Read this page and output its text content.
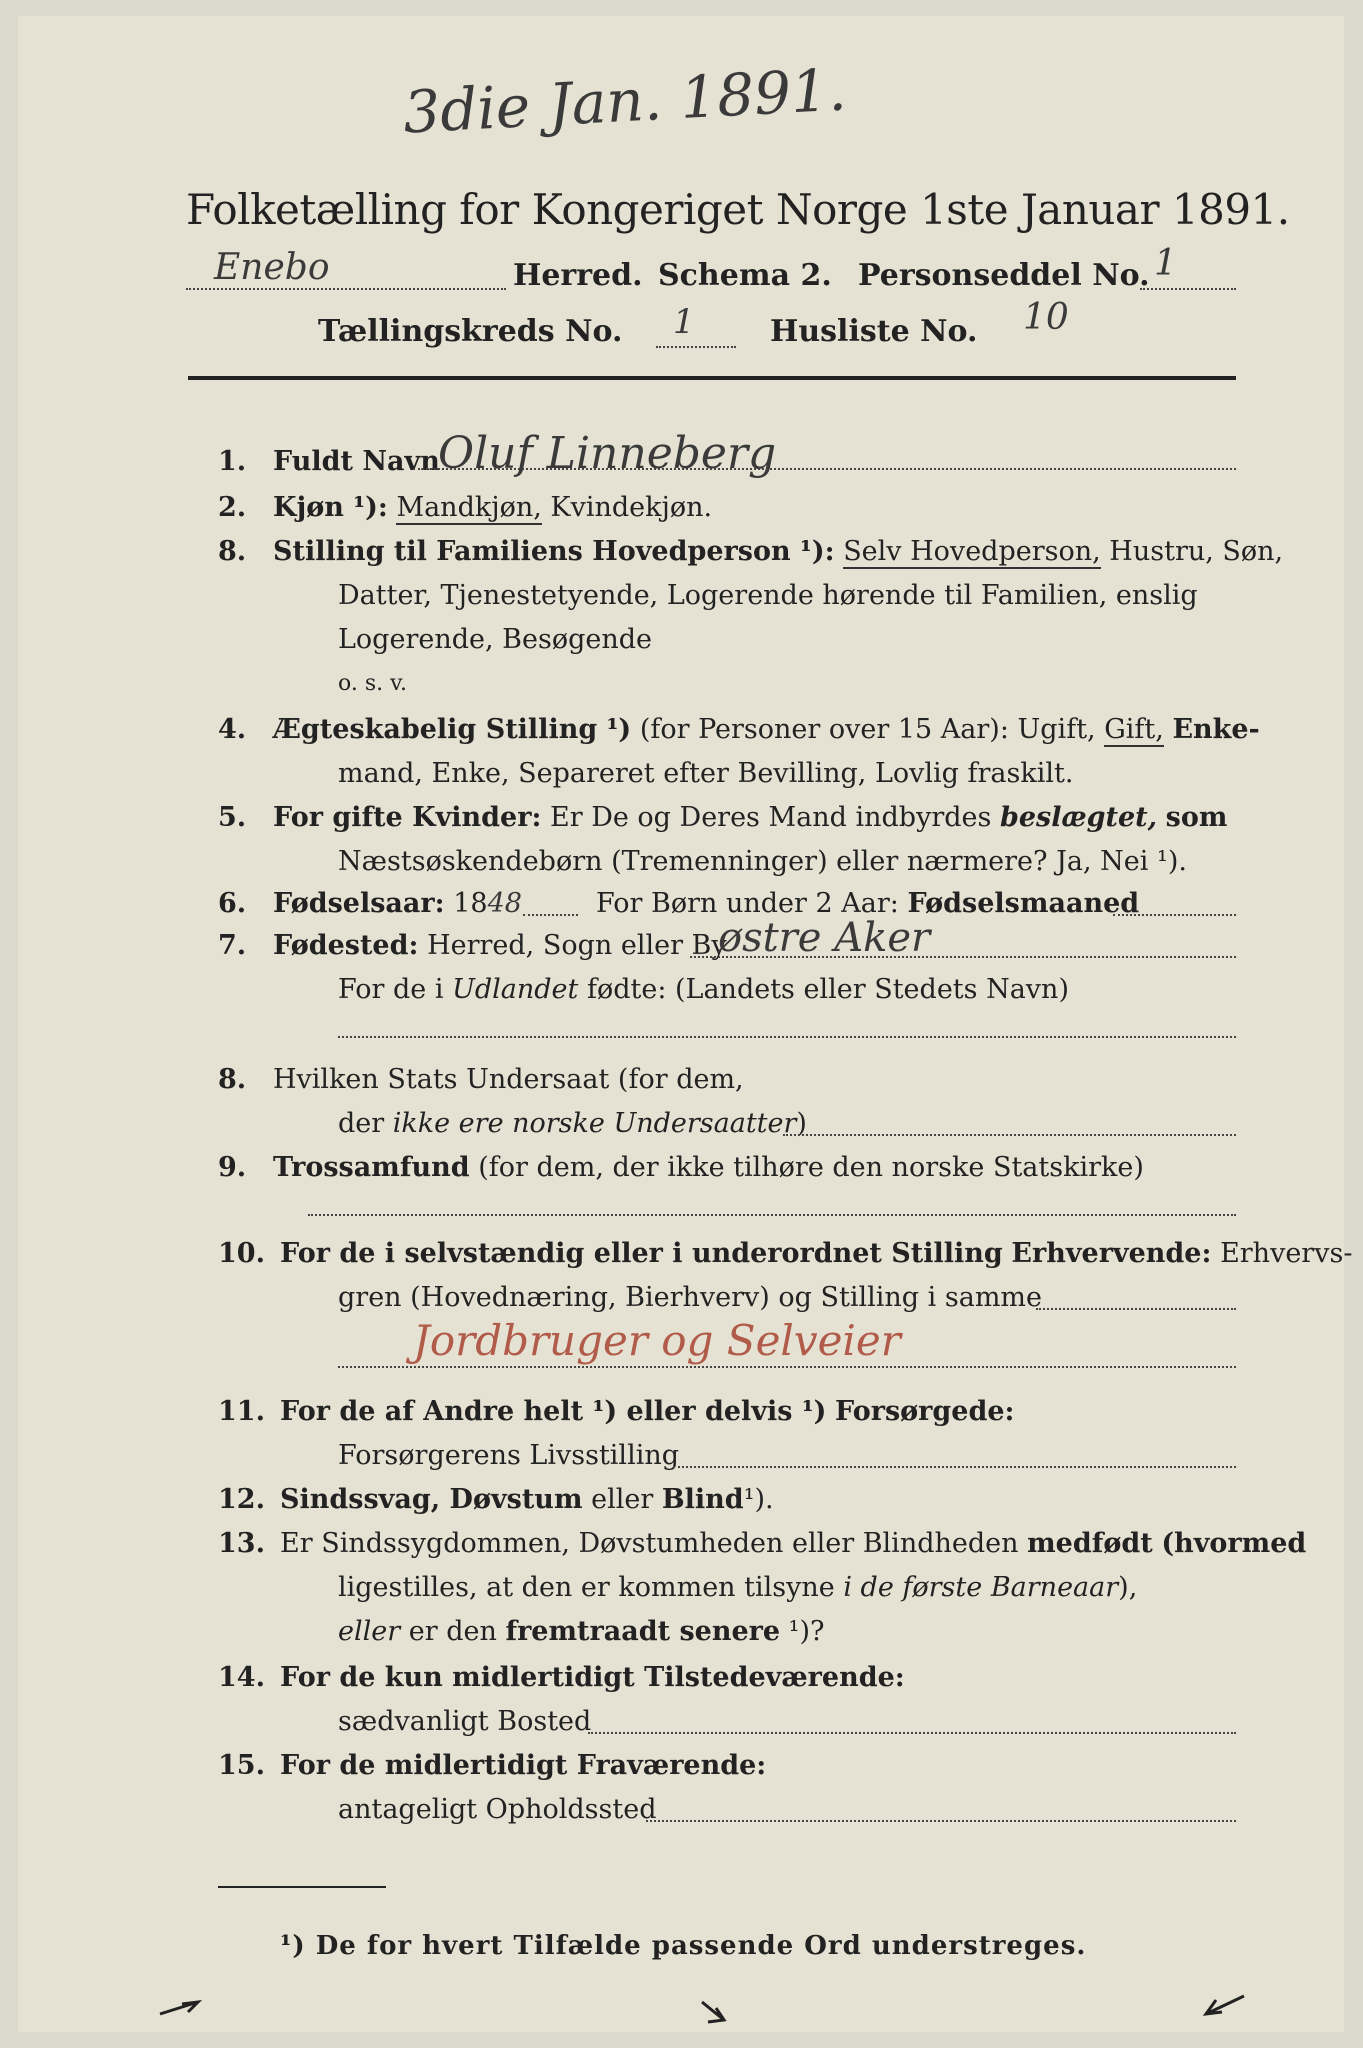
3die Jan. 1891.
Folketælling for Kongeriget Norge 1ste Januar 1891.
Enebo	Herred. Schema 2. Personseddel No. 1
Tællingskreds No. 1	Husliste No. 10
1. Fuldt Navn
Oluf Linneberg
2. Kjøn ¹): Mandkjøn, Kvindekjøn.
8. Stilling til Familiens Hovedperson ¹): Selv Hovedperson, Hustru, Søn,
Datter, Tjenestetyende, Logerende hørende til Familien, enslig
Logerende, Besøgende
o. s. v.
4. Ægteskabelig Stilling ¹) (for Personer over 15 Aar): Ugift, Gift, Enke-
mand, Enke, Separeret efter Bevilling, Lovlig fraskilt.
5. For gifte Kvinder: Er De og Deres Mand indbyrdes beslægtet, som
Næstsøskendebørn (Tremenninger) eller nærmere? Ja, Nei ¹).
6. Fødselsaar: 1848	For Børn under 2 Aar: Fødselsmaaned
7. Fødested: Herred, Sogn eller By
østre Aker
For de i Udlandet fødte: (Landets eller Stedets Navn)
8. Hvilken Stats Undersaat (for dem,
der ikke ere norske Undersaatter)
9. Trossamfund (for dem, der ikke tilhøre den norske Statskirke)
10. For de i selvstændig eller i underordnet Stilling Erhvervende: Erhvervs-
gren (Hovednæring, Bierhverv) og Stilling i samme
Jordbruger og Selveier
11. For de af Andre helt ¹) eller delvis ¹) Forsørgede:
Forsørgerens Livsstilling
12. Sindssvag, Døvstum eller Blind¹).
13. Er Sindssygdommen, Døvstumheden eller Blindheden medfødt (hvormed
ligestilles, at den er kommen tilsyne i de første Barneaar),
eller er den fremtraadt senere ¹)?
14. For de kun midlertidigt Tilstedeværende:
sædvanligt Bosted
15. For de midlertidigt Fraværende:
antageligt Opholdssted
¹) De for hvert Tilfælde passende Ord understreges.
